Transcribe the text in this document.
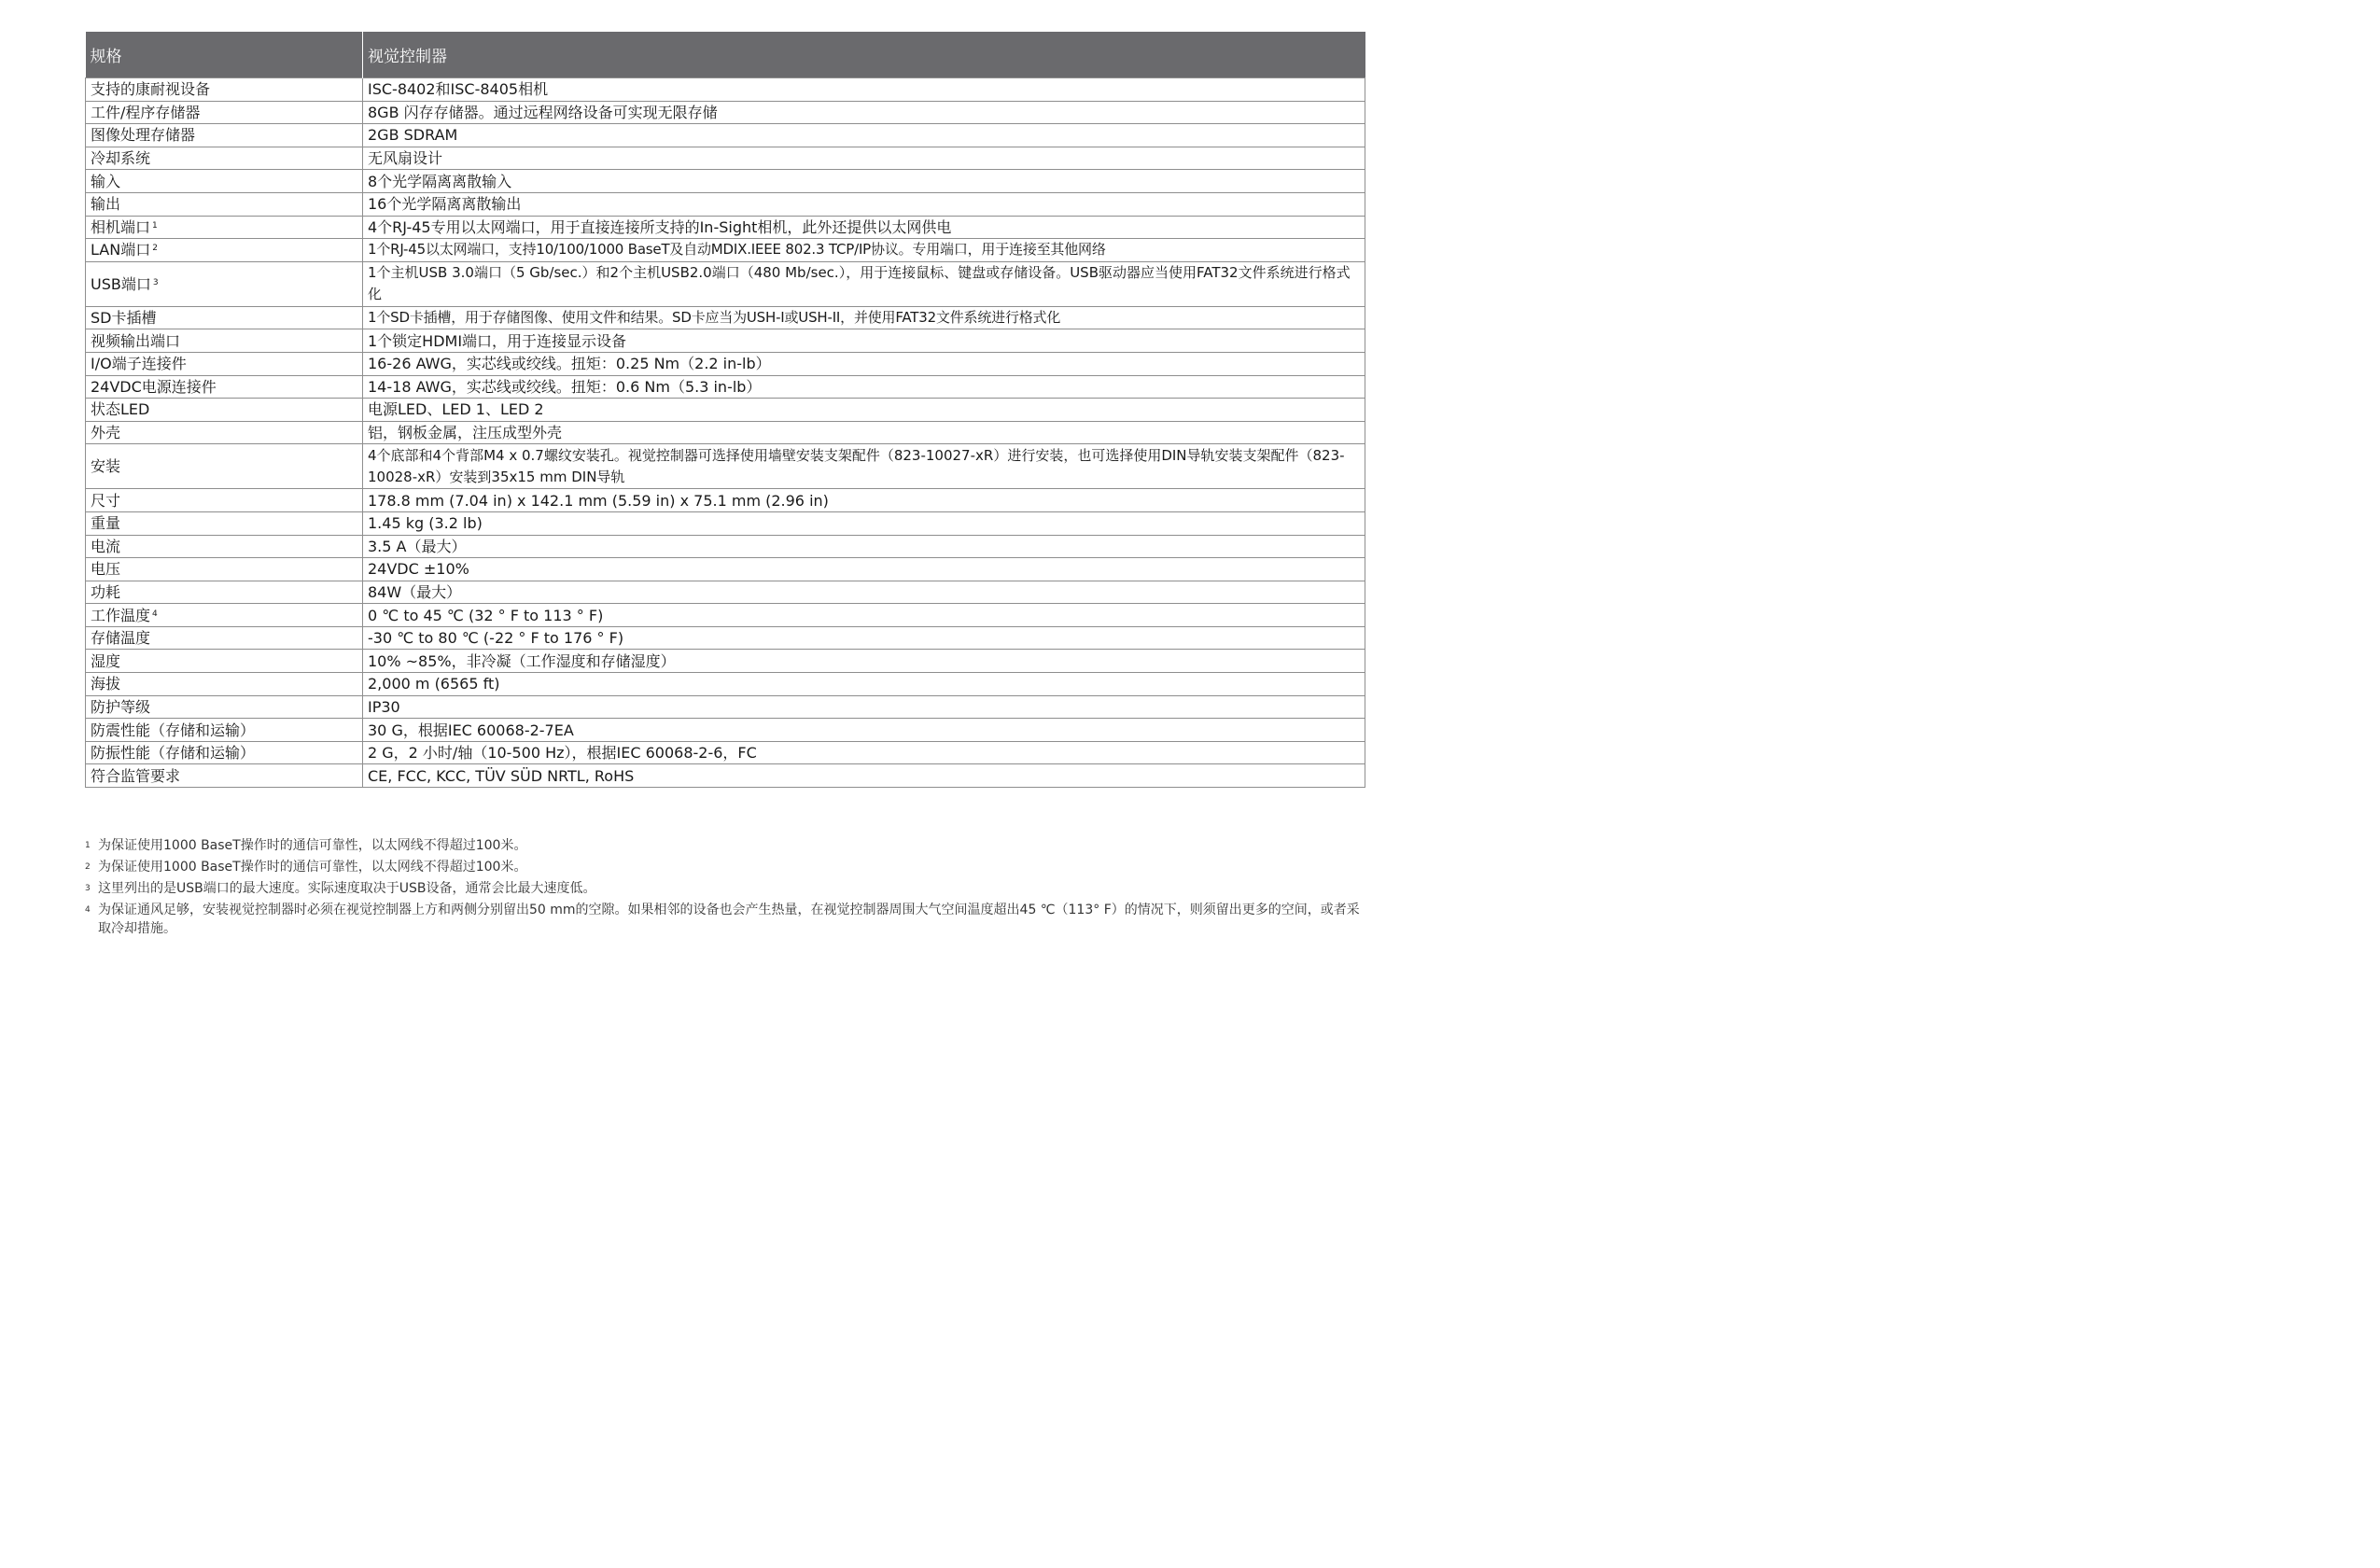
规格	视觉控制器
支持的康耐视设备	ISC-8402和ISC-8405相机
工件/程序存储器	8GB 闪存存储器。通过远程网络设备可实现无限存储
图像处理存储器	2GB SDRAM
冷却系统	无风扇设计
输入	8个光学隔离离散输入
输出	16个光学隔离离散输出
相机端口 $^1$	4个RJ-45专用以太网端口，用于直接连接所支持的In-Sight相机，此外还提供以太网供电
LAN端口 $^2$	1个RJ-45以太网端口，支持10/100/1000 BaseT及自动MDIX.IEEE 802.3 TCP/IP协议。专用端口，用于连接至其他网络
USB端口 $^3$	1个主机USB 3.0端口（5 Gb/sec.）和2个主机USB2.0端口（480 Mb/sec.），用于连接鼠标、键盘或存储设备。USB驱动器应当使用FAT32文件系统进行格式化
SD卡插槽	1个SD卡插槽，用于存储图像、使用文件和结果。SD卡应当为USH-I或USH-II，并使用FAT32文件系统进行格式化
视频输出端口	1个锁定HDMI端口，用于连接显示设备
I/O端子连接件	16-26 AWG，实芯线或绞线。扭矩：0.25 Nm（2.2 in-lb）
24VDC电源连接件	14-18 AWG，实芯线或绞线。扭矩：0.6 Nm（5.3 in-lb）
状态LED	电源LED、LED 1、LED 2
外壳	铝，钢板金属，注压成型外壳
安装	4个底部和4个背部M4 x 0.7螺纹安装孔。视觉控制器可选择使用墙壁安装支架配件（823-10027-xR）进行安装，也可选择使用DIN导轨安装支架配件（823-10028-xR）安装到35x15 mm DIN导轨
尺寸	178.8 mm (7.04 in) x 142.1 mm (5.59 in) x 75.1 mm (2.96 in)
重量	1.45 kg (3.2 lb)
电流	3.5 A（最大）
电压	24VDC ±10%
功耗	84W（最大）
工作温度 $^4$	0 ℃ to 45 ℃ (32 ° F to 113 ° F)
存储温度	-30 ℃ to 80 ℃ (-22 ° F to 176 ° F)
湿度	10% ~85%，非冷凝（工作湿度和存储湿度）
海拔	2,000 m (6565 ft)
防护等级	IP30
防震性能（存储和运输）	30 G，根据IEC 60068-2-7EA
防振性能（存储和运输）	2 G，2 小时/轴（10-500 Hz），根据IEC 60068-2-6，FC
符合监管要求	CE, FCC, KCC, TÜV SÜD NRTL, RoHS
1 为保证使用1000 BaseT操作时的通信可靠性，以太网线不得超过100米。
2 为保证使用1000 BaseT操作时的通信可靠性，以太网线不得超过100米。
3 这里列出的是USB端口的最大速度。实际速度取决于USB设备，通常会比最大速度低。
4 为保证通风足够，安装视觉控制器时必须在视觉控制器上方和两侧分别留出50 mm的空隙。如果相邻的设备也会产生热量，在视觉控制器周围大气空间温度超出45 ℃（113° F）的情况下，则须留出更多的空间，或者采取冷却措施。
